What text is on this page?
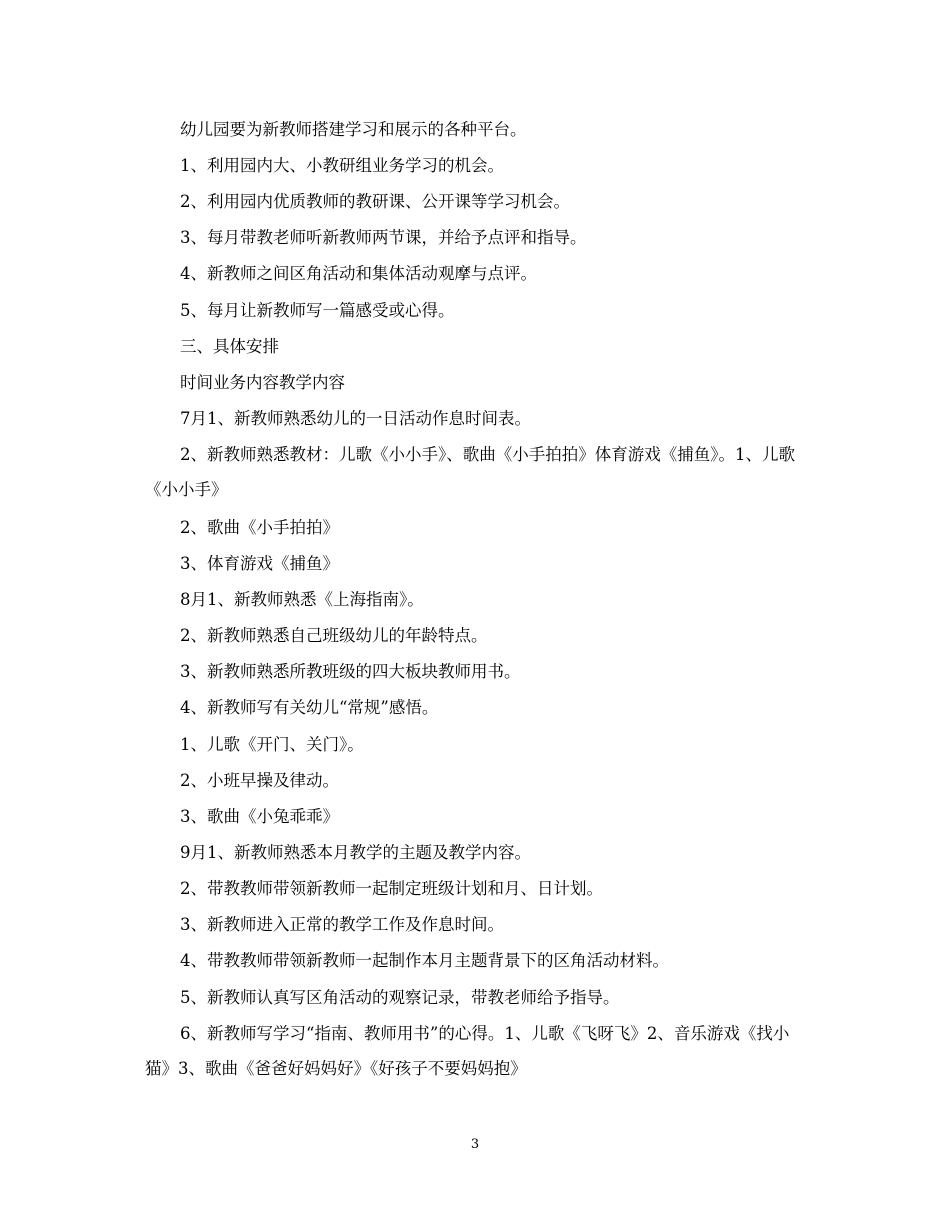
幼儿园要为新教师搭建学习和展示的各种平台。

1、利用园内大、小教研组业务学习的机会。

2、利用园内优质教师的教研课、公开课等学习机会。

3、每月带教老师听新教师两节课，并给予点评和指导。

4、新教师之间区角活动和集体活动观摩与点评。

5、每月让新教师写一篇感受或心得。

三、具体安排

时间业务内容教学内容

7月1、新教师熟悉幼儿的一日活动作息时间表。

2、新教师熟悉教材：儿歌《小小手》、歌曲《小手拍拍》体育游戏《捕鱼》。1、儿歌《小小手》

2、歌曲《小手拍拍》

3、体育游戏《捕鱼》

8月1、新教师熟悉《上海指南》。

2、新教师熟悉自己班级幼儿的年龄特点。

3、新教师熟悉所教班级的四大板块教师用书。

4、新教师写有关幼儿“常规”感悟。

1、儿歌《开门、关门》。

2、小班早操及律动。

3、歌曲《小兔乖乖》

9月1、新教师熟悉本月教学的主题及教学内容。

2、带教教师带领新教师一起制定班级计划和月、日计划。

3、新教师进入正常的教学工作及作息时间。

4、带教教师带领新教师一起制作本月主题背景下的区角活动材料。

5、新教师认真写区角活动的观察记录，带教老师给予指导。

6、新教师写学习“指南、教师用书”的心得。1、儿歌《飞呀飞》2、音乐游戏《找小猫》3、歌曲《爸爸好妈妈好》《好孩子不要妈妈抱》

3
